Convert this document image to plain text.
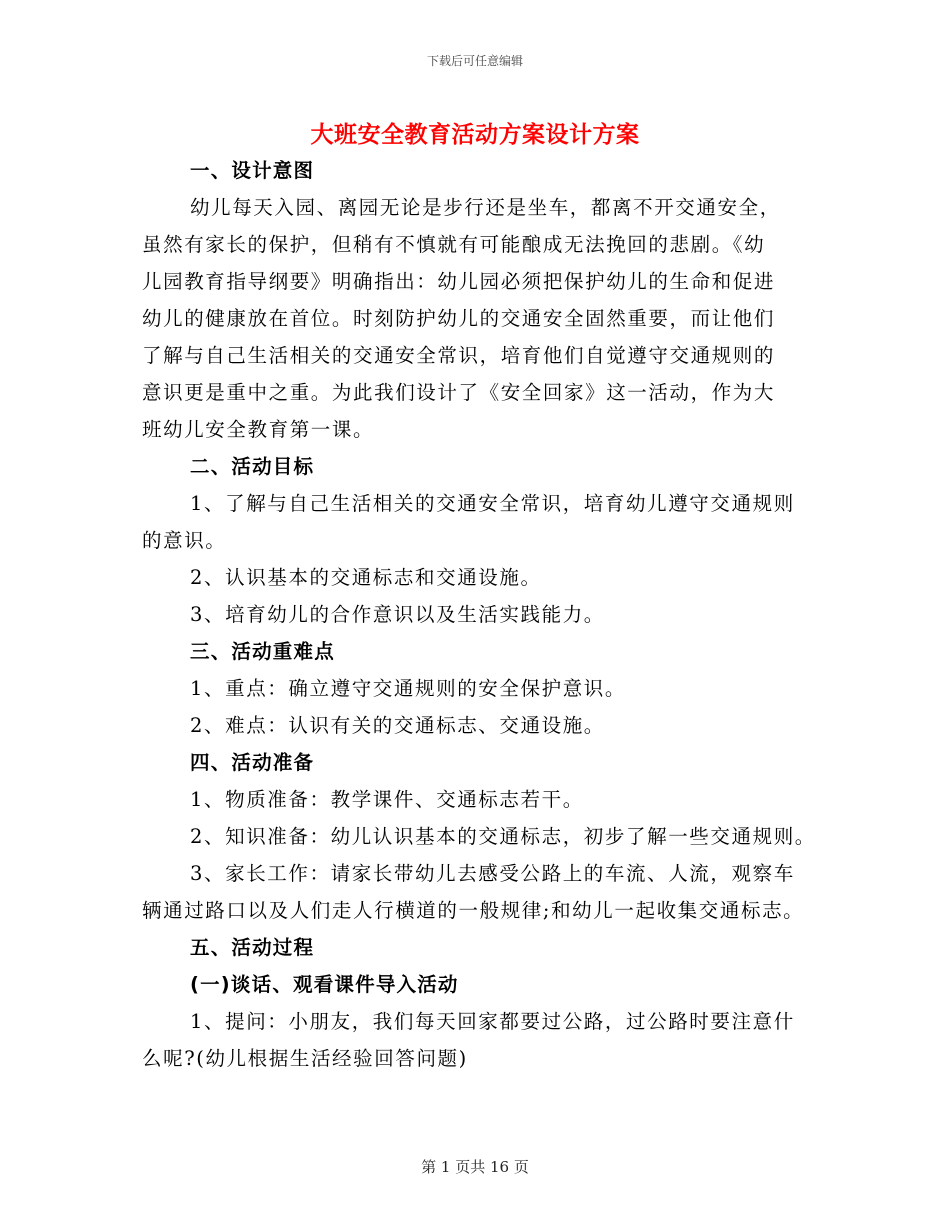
下载后可任意编辑
大班安全教育活动方案设计方案
一、设计意图
幼儿每天入园、离园无论是步行还是坐车，都离不开交通安全，
虽然有家长的保护，但稍有不慎就有可能酿成无法挽回的悲剧。《幼
儿园教育指导纲要》明确指出：幼儿园必须把保护幼儿的生命和促进
幼儿的健康放在首位。时刻防护幼儿的交通安全固然重要，而让他们
了解与自己生活相关的交通安全常识，培育他们自觉遵守交通规则的
意识更是重中之重。为此我们设计了《安全回家》这一活动，作为大
班幼儿安全教育第一课。
二、活动目标
1、了解与自己生活相关的交通安全常识，培育幼儿遵守交通规则
的意识。
2、认识基本的交通标志和交通设施。
3、培育幼儿的合作意识以及生活实践能力。
三、活动重难点
1、重点：确立遵守交通规则的安全保护意识。
2、难点：认识有关的交通标志、交通设施。
四、活动准备
1、物质准备：教学课件、交通标志若干。
2、知识准备：幼儿认识基本的交通标志，初步了解一些交通规则。
3、家长工作：请家长带幼儿去感受公路上的车流、人流，观察车
辆通过路口以及人们走人行横道的一般规律;和幼儿一起收集交通标志。
五、活动过程
(一)谈话、观看课件导入活动
1、提问：小朋友，我们每天回家都要过公路，过公路时要注意什
么呢?(幼儿根据生活经验回答问题)
第 1 页共 16 页
